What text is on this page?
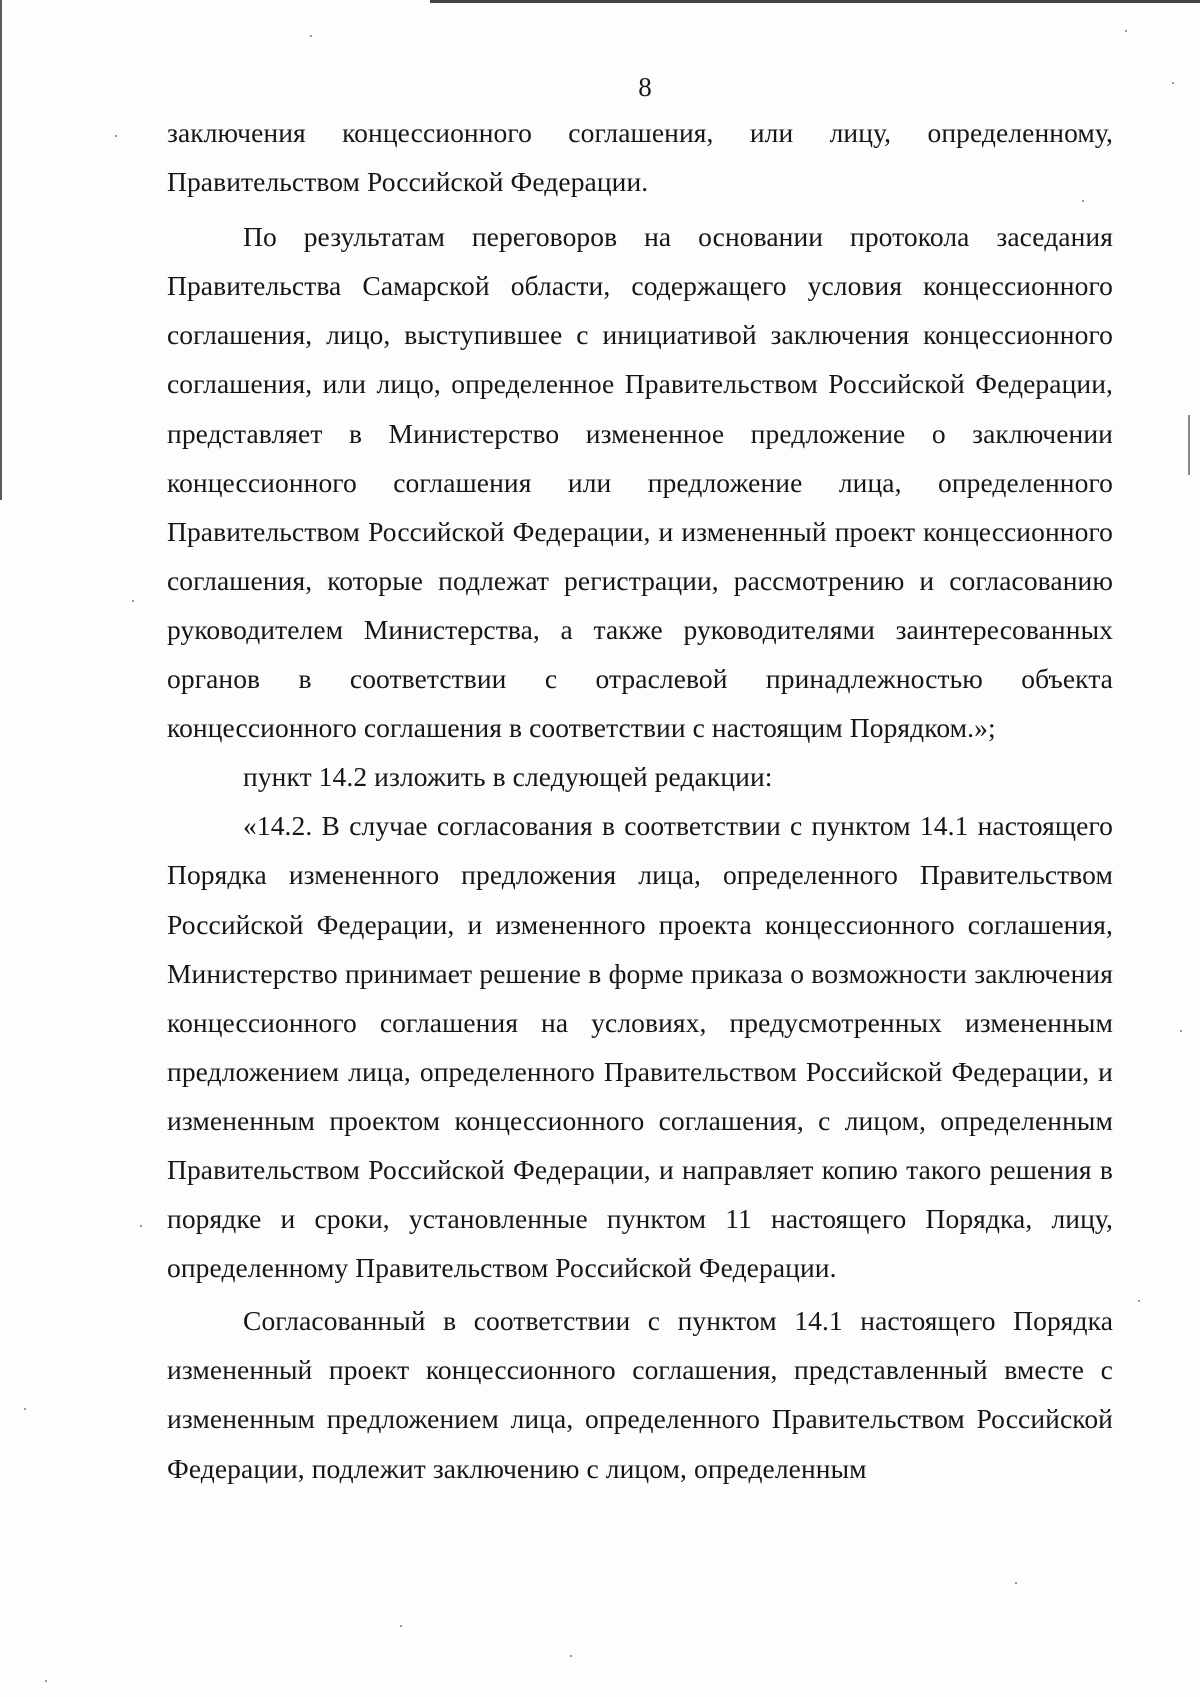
8

заключения концессионного соглашения, или лицу, определенному, Правительством Российской Федерации.

По результатам переговоров на основании протокола заседания Правительства Самарской области, содержащего условия концессионного соглашения, лицо, выступившее с инициативой заключения концессионного соглашения, или лицо, определенное Правительством Российской Федерации, представляет в Министерство измененное предложение о заключении концессионного соглашения или предложение лица, определенного Правительством Российской Федерации, и измененный проект концессионного соглашения, которые подлежат регистрации, рассмотрению и согласованию руководителем Министерства, а также руководителями заинтересованных органов в соответствии с отраслевой принадлежностью объекта концессионного соглашения в соответствии с настоящим Порядком.»;

пункт 14.2 изложить в следующей редакции:

«14.2. В случае согласования в соответствии с пунктом 14.1 настоящего Порядка измененного предложения лица, определенного Правительством Российской Федерации, и измененного проекта концессионного соглашения, Министерство принимает решение в форме приказа о возможности заключения концессионного соглашения на условиях, предусмотренных измененным предложением лица, определенного Правительством Российской Федерации, и измененным проектом концессионного соглашения, с лицом, определенным Правительством Российской Федерации, и направляет копию такого решения в порядке и сроки, установленные пунктом 11 настоящего Порядка, лицу, определенному Правительством Российской Федерации.

Согласованный в соответствии с пунктом 14.1 настоящего Порядка измененный проект концессионного соглашения, представленный вместе с измененным предложением лица, определенного Правительством Российской Федерации, подлежит заключению с лицом, определенным
